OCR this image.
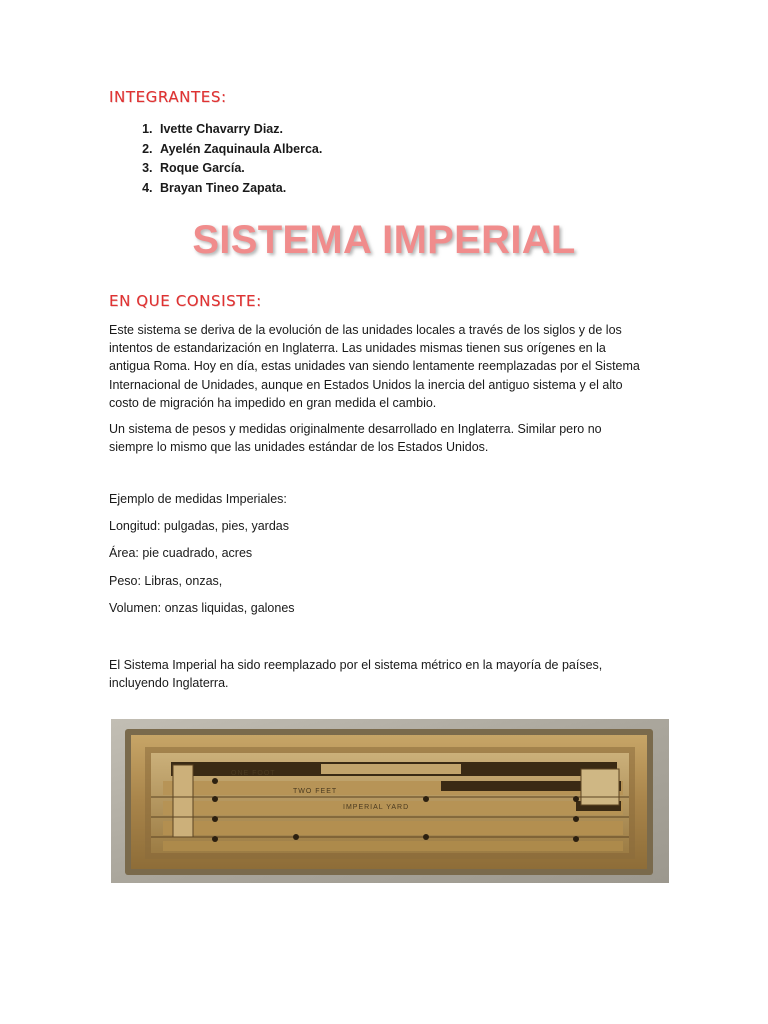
INTEGRANTES:
1. Ivette Chavarry Diaz.
2. Ayelén Zaquinaula Alberca.
3. Roque García.
4. Brayan Tineo Zapata.
SISTEMA IMPERIAL
EN QUE CONSISTE:

Este sistema se deriva de la evolución de las unidades locales a través de los siglos y de los intentos de estandarización en Inglaterra. Las unidades mismas tienen sus orígenes en la antigua Roma. Hoy en día, estas unidades van siendo lentamente reemplazadas por el Sistema Internacional de Unidades, aunque en Estados Unidos la inercia del antiguo sistema y el alto costo de migración ha impedido en gran medida el cambio.

Un sistema de pesos y medidas originalmente desarrollado en Inglaterra. Similar pero no siempre lo mismo que las unidades estándar de los Estados Unidos.

Ejemplo de medidas Imperiales:

Longitud: pulgadas, pies, yardas

Área: pie cuadrado, acres

Peso: Libras, onzas,

Volumen: onzas liquidas, galones

El Sistema Imperial ha sido reemplazado por el sistema métrico en la mayoría de países, incluyendo Inglaterra.

ONE FOOT
TWO FEET
IMPERIAL YARD
